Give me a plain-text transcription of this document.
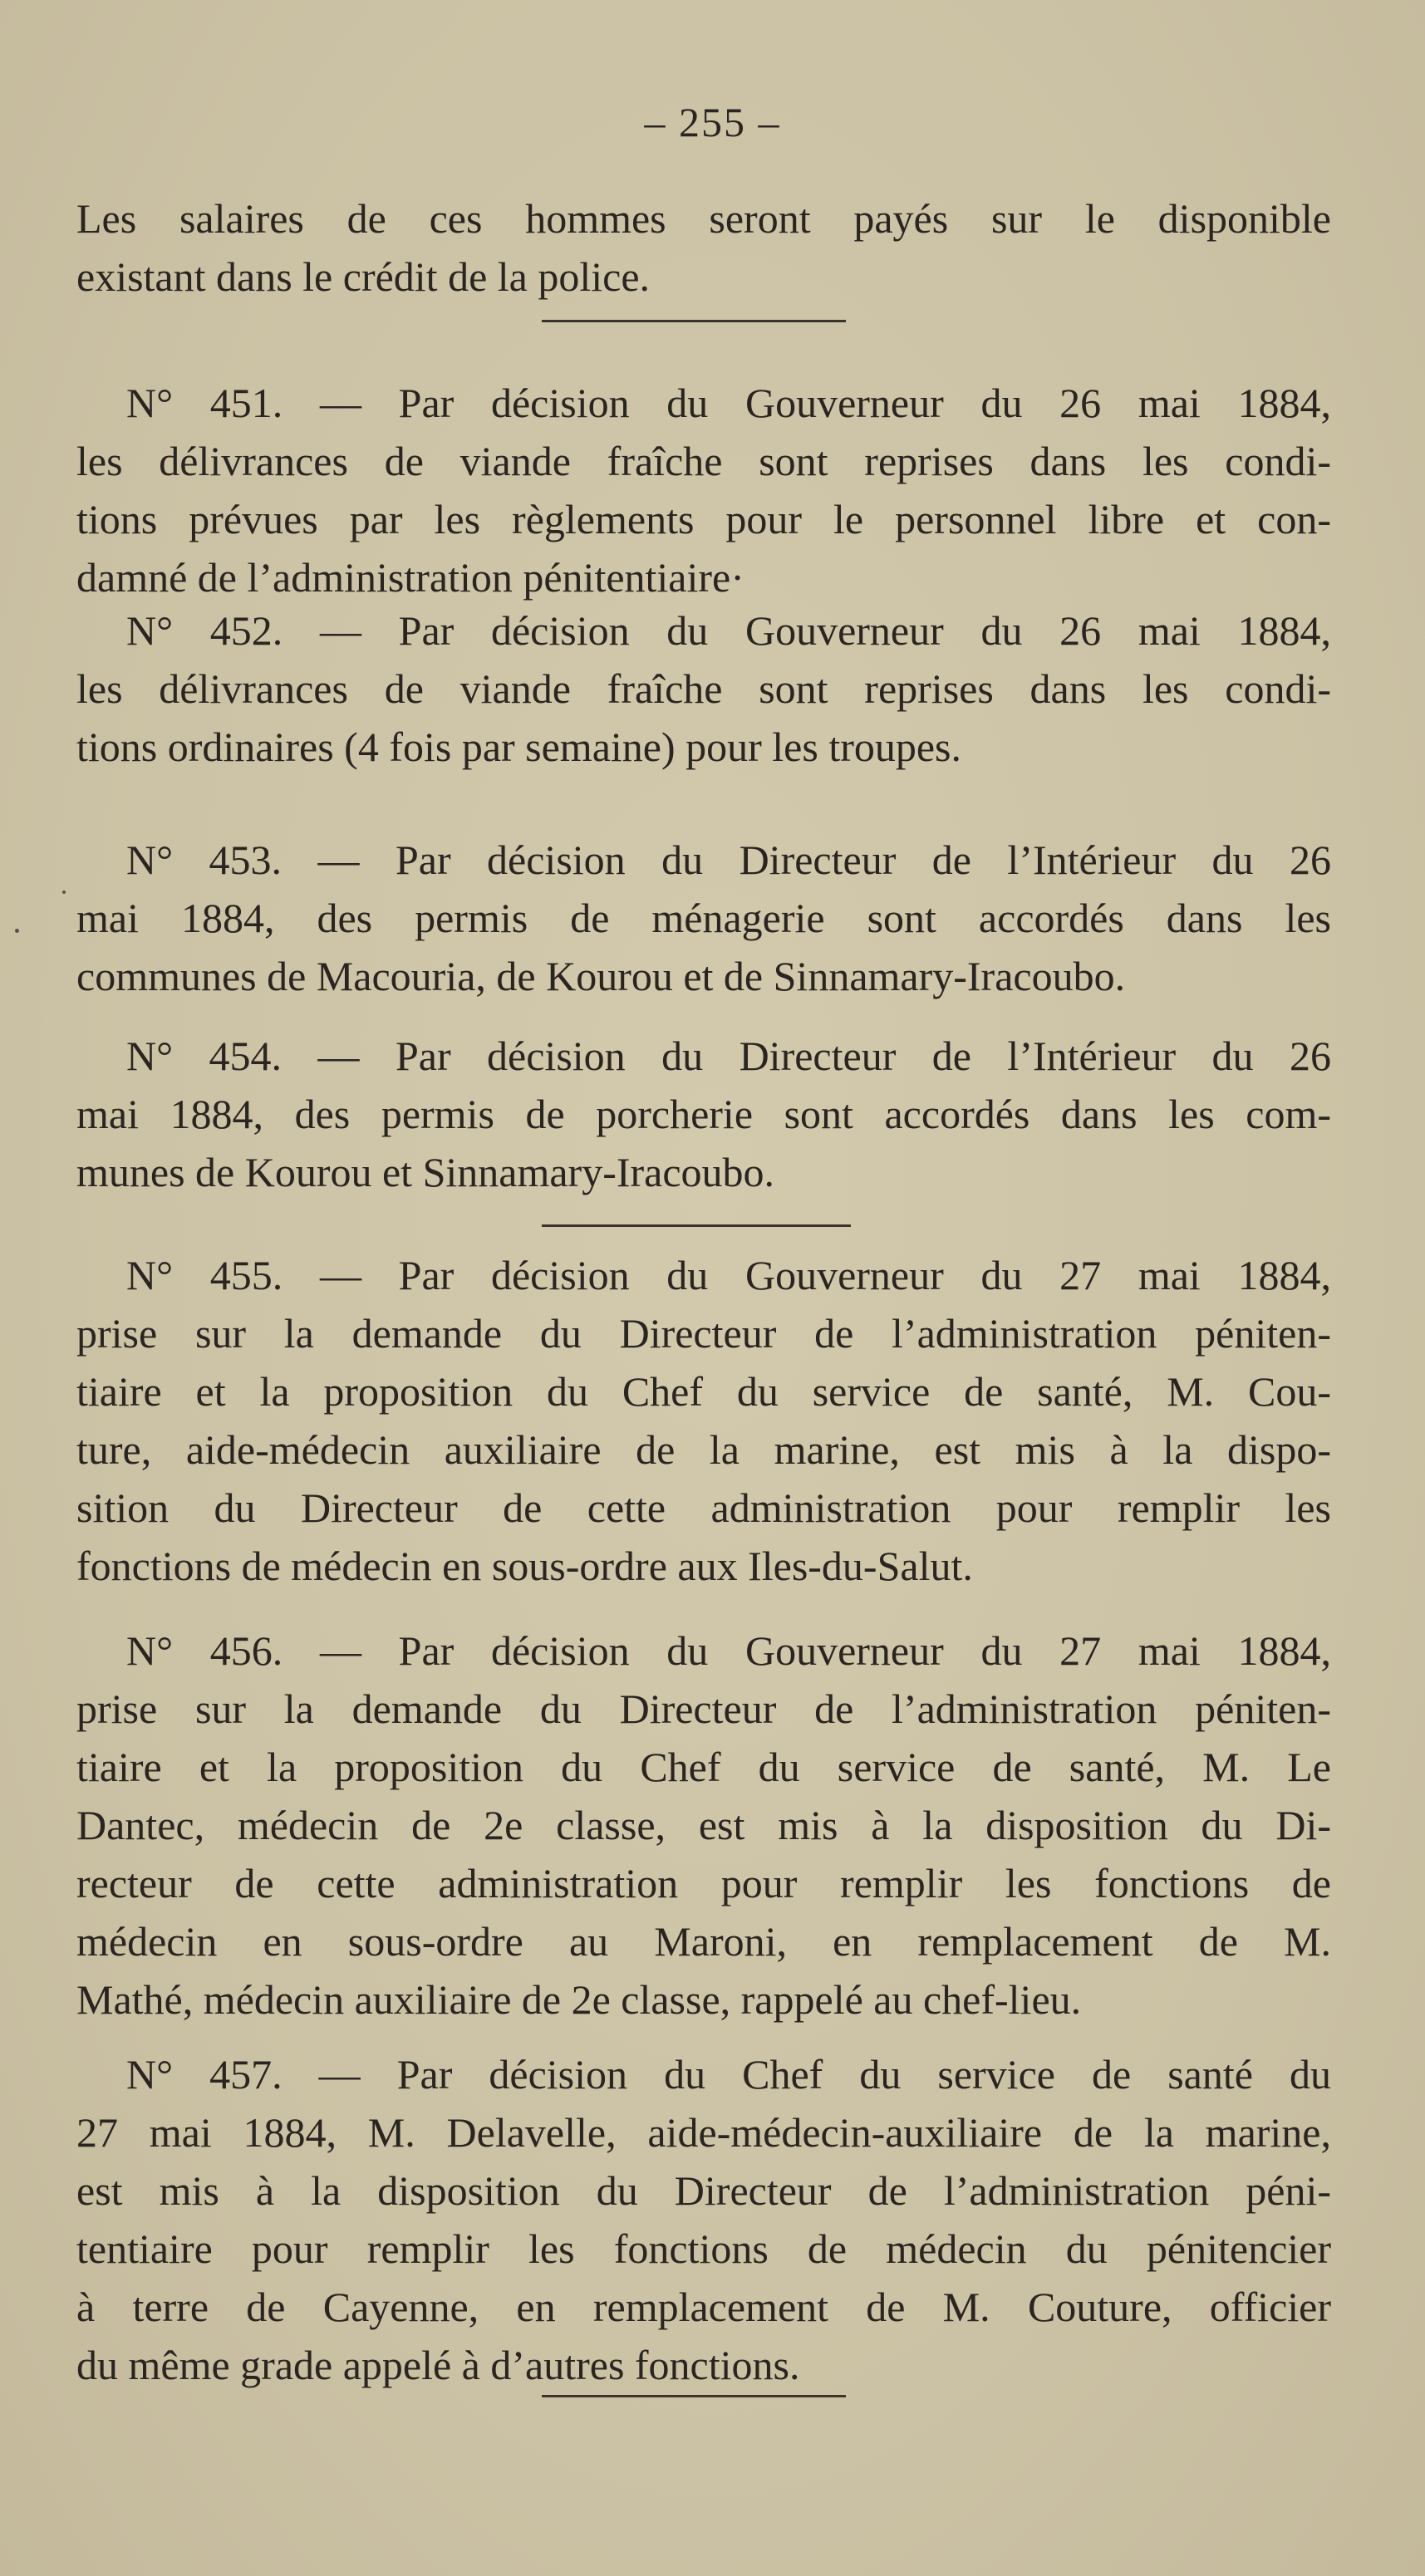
– 255 –
Les salaires de ces hommes seront payés sur le disponible
existant dans le crédit de la police.
N° 451. — Par décision du Gouverneur du 26 mai 1884,
les délivrances de viande fraîche sont reprises dans les condi-
tions prévues par les règlements pour le personnel libre et con-
damné de l’administration pénitentiaire·
N° 452. — Par décision du Gouverneur du 26 mai 1884,
les délivrances de viande fraîche sont reprises dans les condi-
tions ordinaires (4 fois par semaine) pour les troupes.
N° 453. — Par décision du Directeur de l’Intérieur du 26
mai 1884, des permis de ménagerie sont accordés dans les
communes de Macouria, de Kourou et de Sinnamary-Iracoubo.
N° 454. — Par décision du Directeur de l’Intérieur du 26
mai 1884, des permis de porcherie sont accordés dans les com-
munes de Kourou et Sinnamary-Iracoubo.
N° 455. — Par décision du Gouverneur du 27 mai 1884,
prise sur la demande du Directeur de l’administration péniten-
tiaire et la proposition du Chef du service de santé, M. Cou-
ture, aide-médecin auxiliaire de la marine, est mis à la dispo-
sition du Directeur de cette administration pour remplir les
fonctions de médecin en sous-ordre aux Iles-du-Salut.
N° 456. — Par décision du Gouverneur du 27 mai 1884,
prise sur la demande du Directeur de l’administration péniten-
tiaire et la proposition du Chef du service de santé, M. Le
Dantec, médecin de 2e classe, est mis à la disposition du Di-
recteur de cette administration pour remplir les fonctions de
médecin en sous-ordre au Maroni, en remplacement de M.
Mathé, médecin auxiliaire de 2e classe, rappelé au chef-lieu.
N° 457. — Par décision du Chef du service de santé du
27 mai 1884, M. Delavelle, aide-médecin-auxiliaire de la marine,
est mis à la disposition du Directeur de l’administration péni-
tentiaire pour remplir les fonctions de médecin du pénitencier
à terre de Cayenne, en remplacement de M. Couture, officier
du même grade appelé à d’autres fonctions.
